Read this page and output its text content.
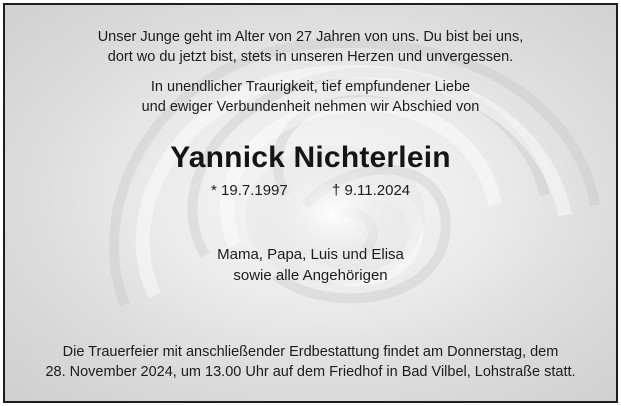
Unser Junge geht im Alter von 27 Jahren von uns. Du bist bei uns,
dort wo du jetzt bist, stets in unseren Herzen und unvergessen.
In unendlicher Traurigkeit, tief empfundener Liebe
und ewiger Verbundenheit nehmen wir Abschied von
Yannick Nichterlein
* 19.7.1997	† 9.11.2024
Mama, Papa, Luis und Elisa
sowie alle Angehörigen
Die Trauerfeier mit anschließender Erdbestattung findet am Donnerstag, dem
28. November 2024, um 13.00 Uhr auf dem Friedhof in Bad Vilbel, Lohstraße statt.
